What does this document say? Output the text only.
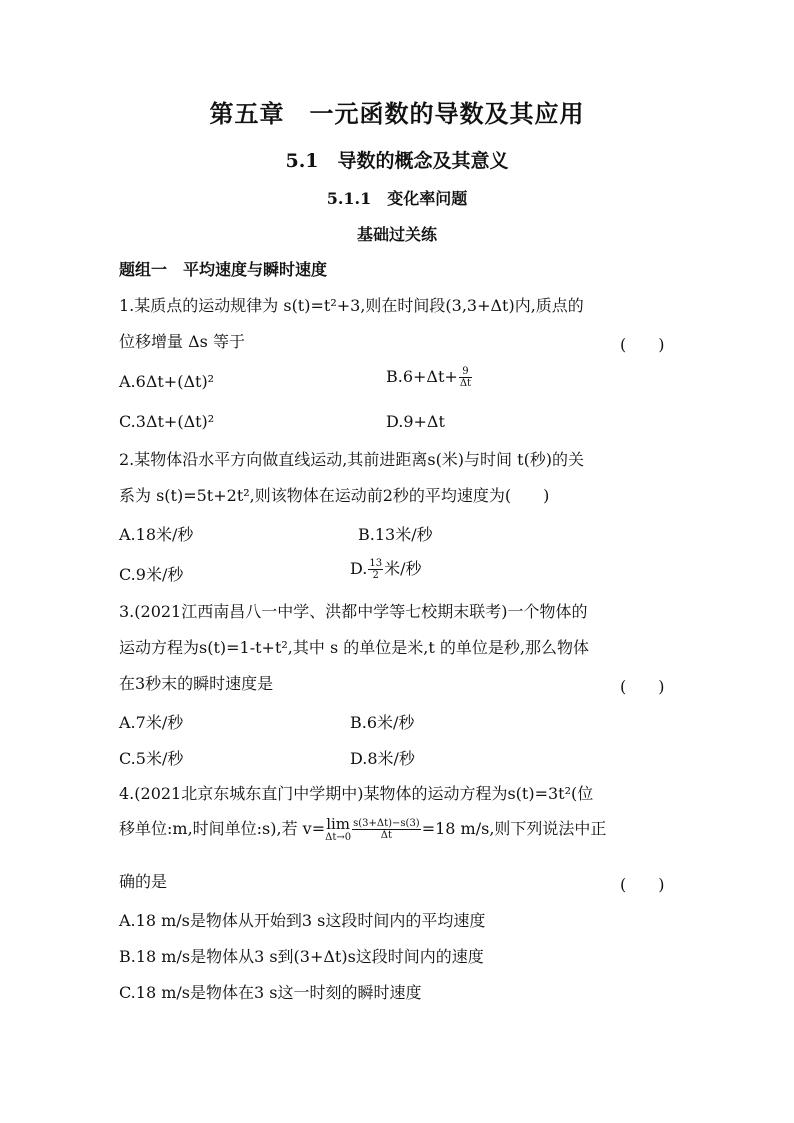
第五章　一元函数的导数及其应用
5.1　导数的概念及其意义
5.1.1　变化率问题
基础过关练
题组一　平均速度与瞬时速度
1.某质点的运动规律为 s(t)=t²+3,则在时间段(3,3+Δt)内,质点的
位移增量 Δs 等于	(　　)
A.6Δt+(Δt)²	$B.6+\Delta t+ \frac{9}{\Delta t}$
C.3Δt+(Δt)²	D.9+Δt
2.某物体沿水平方向做直线运动,其前进距离s(米)与时间 t(秒)的关
系为 s(t)=5t+2t²,则该物体在运动前2秒的平均速度为(　　)
A.18米/秒	B.13米/秒
C.9米/秒	D. $\frac{13}{2}$ 米/秒
3.(2021江西南昌八一中学、洪都中学等七校期末联考)一个物体的
运动方程为s(t)=1-t+t²,其中 s 的单位是米,t 的单位是秒,那么物体
在3秒末的瞬时速度是	(　　)
A.7米/秒	B.6米/秒
C.5米/秒	D.8米/秒
4.(2021北京东城东直门中学期中)某物体的运动方程为s(t)=3t²(位
移单位:m,时间单位:s),若 v=lim
$\Delta t\to 0 \frac{s(3+\Delta t)-s(3)}{\Delta t} =18$ m/s,则下列说法中正
确的是	(　　)
A.18 m/s是物体从开始到3 s这段时间内的平均速度
B.18 m/s是物体从3 s到(3+Δt)s这段时间内的速度
C.18 m/s是物体在3 s这一时刻的瞬时速度
